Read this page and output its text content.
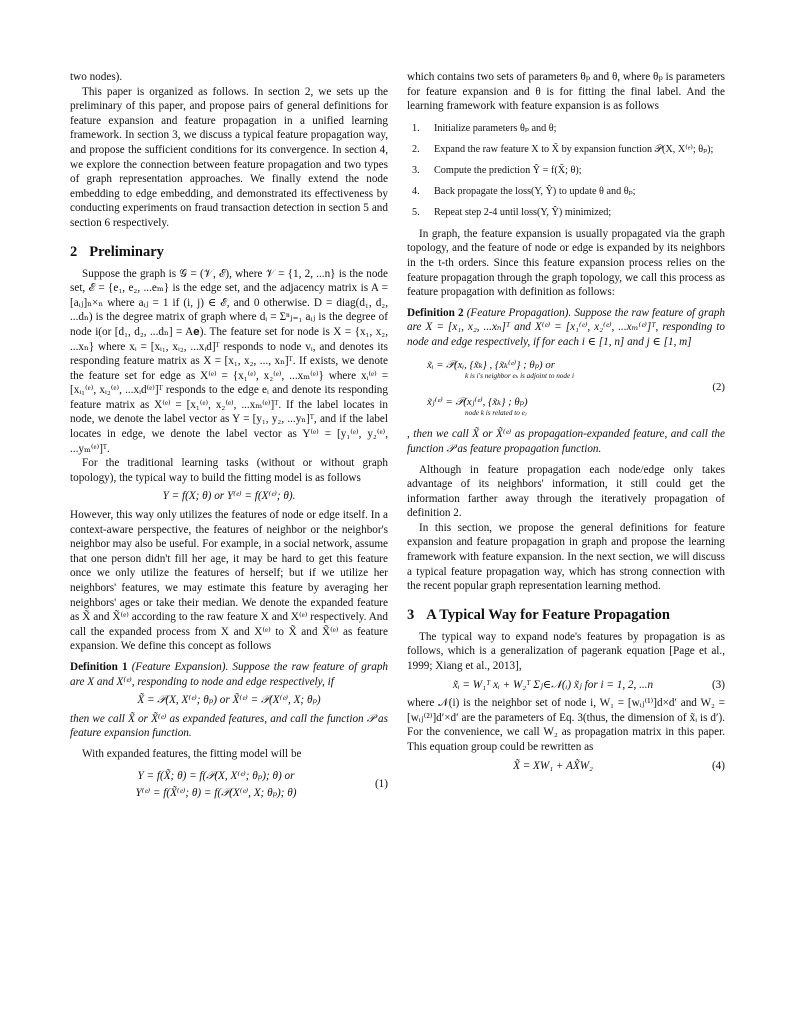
two nodes).

This paper is organized as follows. In section 2, we sets up the preliminary of this paper, and propose pairs of general definitions for feature expansion and feature propagation in a unified learning framework. In section 3, we discuss a typical feature propagation way, and propose the sufficient conditions for its convergence. In section 4, we explore the connection between feature propagation and two types of graph representation approaches. We finally extend the node embedding to edge embedding, and demonstrated its effectiveness by conducting experiments on fraud transaction detection in section 5 and section 6 respectively.

2 Preliminary

Suppose the graph is 𝒢 = (𝒱, ℰ), where 𝒱 = {1, 2, ...n} is the node set, ℰ = {e₁, e₂, ...eₘ} is the edge set, and the adjacency matrix is A = [aᵢⱼ]ₙ×ₙ where aᵢⱼ = 1 if (i, j) ∈ ℰ, and 0 otherwise. D = diag(d₁, d₂, ...dₙ) is the degree matrix of graph where dᵢ = Σⁿⱼ₌₁ aᵢⱼ is the degree of node i(or [d₁, d₂, ...dₙ] = A𝐞). The feature set for node is X = {x₁, x₂, ...xₙ} where xᵢ = [xᵢ₁, xᵢ₂, ...xᵢd]ᵀ responds to node vᵢ, and denotes its responding feature matrix as X = [x₁, x₂, ..., xₙ]ᵀ. If exists, we denote the feature set for edge as X⁽ᵉ⁾ = {x₁⁽ᵉ⁾, x₂⁽ᵉ⁾, ...xₘ⁽ᵉ⁾} where xᵢ⁽ᵉ⁾ = [xᵢ₁⁽ᵉ⁾, xᵢ₂⁽ᵉ⁾, ...xᵢd⁽ᵉ⁾]ᵀ responds to the edge eᵢ and denote its responding feature matrix as X⁽ᵉ⁾ = [x₁⁽ᵉ⁾, x₂⁽ᵉ⁾, ...xₘ⁽ᵉ⁾]ᵀ. If the label locates in node, we denote the label vector as Y = [y₁, y₂, ...yₙ]ᵀ, and if the label locates in edge, we denote the label vector as Y⁽ᵉ⁾ = [y₁⁽ᵉ⁾, y₂⁽ᵉ⁾, ...yₘ⁽ᵉ⁾]ᵀ.

For the traditional learning tasks (without or without graph topology), the typical way to build the fitting model is as follows

Y = f(X; θ) or Y⁽ᵉ⁾ = f(X⁽ᵉ⁾; θ).

However, this way only utilizes the features of node or edge itself. In a context-aware perspective, the features of neighbor or the neighbor's neighbor may also be useful. For example, in a social network, assume that one person didn't fill her age, it may be hard to get this feature once we only utilize the features of herself; but if we utilize her neighbors' features, we may estimate this feature by averaging her neighbors' ages or take their median. We denote the expanded feature as X̃ and X̃⁽ᵉ⁾ according to the raw feature X and X⁽ᵉ⁾ respectively. And call the expanded process from X and X⁽ᵉ⁾ to X̃ and X̃⁽ᵉ⁾ as feature expansion. We define this concept as follows

Definition 1 (Feature Expansion). Suppose the raw feature of graph are X and X⁽ᵉ⁾, responding to node and edge respectively, if

X̃ = 𝒫(X, X⁽ᵉ⁾; θₚ) or X̃⁽ᵉ⁾ = 𝒫(X⁽ᵉ⁾, X; θₚ)

then we call X̃ or X̃⁽ᵉ⁾ as expanded features, and call the function 𝒫 as feature expansion function.

With expanded features, the fitting model will be

Y = f(X̃; θ) = f(𝒫(X, X⁽ᵉ⁾; θₚ); θ) or
Y⁽ᵉ⁾ = f(X̃⁽ᵉ⁾; θ) = f(𝒫(X⁽ᵉ⁾, X; θₚ); θ)
(1)

which contains two sets of parameters θₚ and θ, where θₚ is parameters for feature expansion and θ is for fitting the final label. And the learning framework with feature expansion is as follows

1.	Initialize parameters θₚ and θ;
2.	Expand the raw feature X to X̃ by expansion function 𝒫(X, X⁽ᵉ⁾; θₚ);
3.	Compute the prediction Ŷ = f(X̃; θ);
4.	Back propagate the loss(Y, Ŷ) to update θ and θₚ;
5.	Repeat step 2-4 until loss(Y, Ŷ) minimized;

In graph, the feature expansion is usually propagated via the graph topology, and the feature of node or edge is expanded by its neighbors in the t-th orders. Since this feature expansion process relies on the feature propagation through the graph topology, we call this process as feature propagation with definition as follows:

Definition 2 (Feature Propagation). Suppose the raw feature of graph are X = [x₁, x₂, ...xₙ]ᵀ and X⁽ᵉ⁾ = [x₁⁽ᵉ⁾, x₂⁽ᵉ⁾, ...xₘ⁽ᵉ⁾]ᵀ, responding to node and edge respectively, if for each i ∈ [1, n] and j ∈ [1, m]

x̃ᵢ = 𝒫(xᵢ, {x̃ₖ} , {x̃ₖ⁽ᵉ⁾} ; θₚ) or
k is i's neighbor eₖ is adjoint to node i
(2)
x̃ⱼ⁽ᵉ⁾ = 𝒫(xⱼ⁽ᵉ⁾, {x̃ₖ} ; θₚ)
node k is related to eⱼ

, then we call X̃ or X̃⁽ᵉ⁾ as propagation-expanded feature, and call the function 𝒫 as feature propagation function.

Although in feature propagation each node/edge only takes advantage of its neighbors' information, it still could get the information farther away through the iteratively propagation of definition 2.

In this section, we propose the general definitions for feature expansion and feature propagation in graph and propose the learning framework with feature expansion. In the next section, we will discuss a typical feature propagation way, which has strong connection with the recent popular graph representation learning method.

3 A Typical Way for Feature Propagation

The typical way to expand node's features by propagation is as follows, which is a generalization of pagerank equation [Page et al., 1999; Xiang et al., 2013],

x̃ᵢ = W₁ᵀ xᵢ + W₂ᵀ Σⱼ∈𝒩(ᵢ) x̃ⱼ for i = 1, 2, ...n	(3)

where 𝒩(i) is the neighbor set of node i, W₁ = [wᵢⱼ⁽¹⁾]d×d′ and W₂ = [wᵢⱼ⁽²⁾]d′×d′ are the parameters of Eq. 3(thus, the dimension of x̃ᵢ is d′). For the convenience, we call W₂ as propagation matrix in this paper. This equation group could be rewritten as

X̃ = XW₁ + AX̃W₂	(4)
